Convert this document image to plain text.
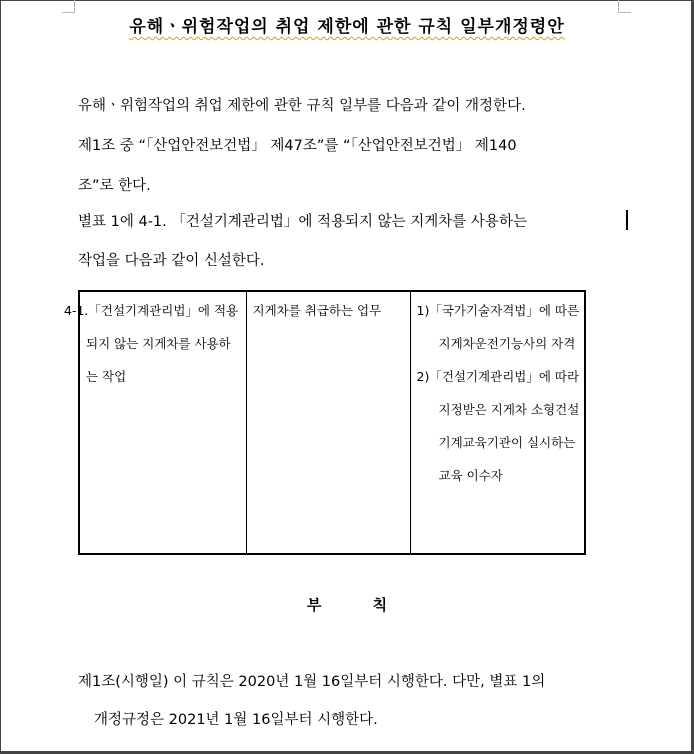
유해ㆍ위험작업의 취업 제한에 관한 규칙 일부개정령안
유해ㆍ위험작업의 취업 제한에 관한 규칙 일부를 다음과 같이 개정한다.
제1조 중 “「산업안전보건법」 제47조”를 “「산업안전보건법」 제140
조”로 한다.
별표 1에 4-1. 「건설기계관리법」에 적용되지 않는 지게차를 사용하는
작업을 다음과 같이 신설한다.
4-1.「건설기계관리법」에 적용되지 않는 지게차를 사용하는 작업	지게차를 취급하는 업무	1)「국가기술자격법」에 따른 지게차운전기능사의 자격
2)「건설기계관리법」에 따라 지정받은 지게차 소형건설기계교육기관이 실시하는 교육 이수자
부 칙
제1조(시행일) 이 규칙은 2020년 1월 16일부터 시행한다. 다만, 별표 1의
개정규정은 2021년 1월 16일부터 시행한다.
